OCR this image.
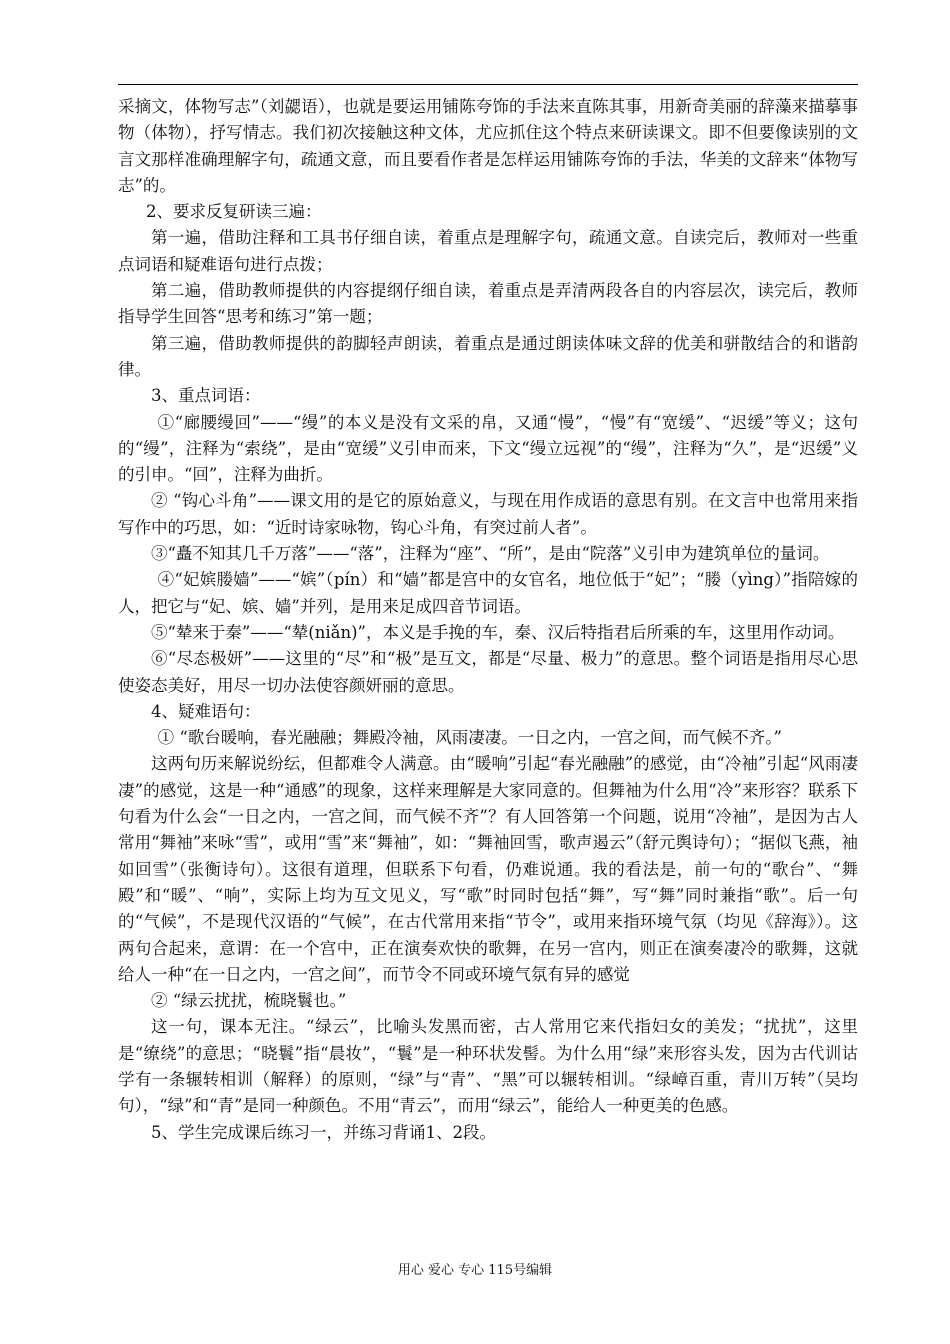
采摘文，体物写志”（刘勰语），也就是要运用铺陈夸饰的手法来直陈其事，用新奇美丽的辞藻来描摹事物（体物），抒写情志。我们初次接触这种文体，尤应抓住这个特点来研读课文。即不但要像读别的文言文那样准确理解字句，疏通文意，而且要看作者是怎样运用铺陈夸饰的手法，华美的文辞来“体物写志”的。

2、要求反复研读三遍：

第一遍，借助注释和工具书仔细自读，着重点是理解字句，疏通文意。自读完后，教师对一些重点词语和疑难语句进行点拨；

第二遍，借助教师提供的内容提纲仔细自读，着重点是弄清两段各自的内容层次，读完后，教师指导学生回答“思考和练习”第一题；

第三遍，借助教师提供的韵脚轻声朗读，着重点是通过朗读体味文辞的优美和骈散结合的和谐韵律。

3、重点词语：

①“廊腰缦回”——“缦”的本义是没有文采的帛，又通“慢”，“慢”有“宽缓”、“迟缓”等义；这句的“缦”，注释为“索绕”，是由“宽缓”义引申而来，下文“缦立远视”的“缦”，注释为“久”，是“迟缓”义的引申。“回”，注释为曲折。

② “钩心斗角”——课文用的是它的原始意义，与现在用作成语的意思有别。在文言中也常用来指写作中的巧思，如：“近时诗家咏物，钩心斗角，有突过前人者”。

③“矗不知其几千万落”——“落”，注释为“座”、“所”，是由“院落”义引申为建筑单位的量词。

④“妃嫔媵嫱”——“嫔”（pín）和“嫱”都是宫中的女官名，地位低于“妃”；“媵（yìng）”指陪嫁的人，把它与“妃、嫔、嫱”并列，是用来足成四音节词语。

⑤“辇来于秦”——“辇(niǎn)”，本义是手挽的车，秦、汉后特指君后所乘的车，这里用作动词。

⑥“尽态极妍”——这里的“尽”和“极”是互文，都是“尽量、极力”的意思。整个词语是指用尽心思使姿态美好，用尽一切办法使容颜妍丽的意思。

4、疑难语句：

① “歌台暖响，春光融融；舞殿冷袖，风雨凄凄。一日之内，一宫之间，而气候不齐。”

这两句历来解说纷纭，但都难令人满意。由“暖响”引起“春光融融”的感觉，由“冷袖”引起“风雨凄凄”的感觉，这是一种“通感”的现象，这样来理解是大家同意的。但舞袖为什么用“冷”来形容？联系下句看为什么会“一日之内，一宫之间，而气候不齐”？有人回答第一个问题，说用“冷袖”，是因为古人常用“舞袖”来咏“雪”，或用“雪”来“舞袖”，如：“舞袖回雪，歌声遏云”（舒元舆诗句）；“据似飞燕，袖如回雪”（张衡诗句）。这很有道理，但联系下句看，仍难说通。我的看法是，前一句的“歌台”、“舞殿”和“暖”、“响”，实际上均为互文见义，写“歌”时同时包括“舞”，写“舞”同时兼指“歌”。后一句的“气候”，不是现代汉语的“气候”，在古代常用来指“节令”，或用来指环境气氛（均见《辞海》）。这两句合起来，意谓：在一个宫中，正在演奏欢快的歌舞，在另一宫内，则正在演奏凄冷的歌舞，这就给人一种“在一日之内，一宫之间”，而节令不同或环境气氛有异的感觉

② “绿云扰扰，梳晓鬟也。”

这一句，课本无注。“绿云”，比喻头发黑而密，古人常用它来代指妇女的美发；“扰扰”，这里是“缭绕”的意思；“晓鬟”指“晨妆”，“鬟”是一种环状发髻。为什么用“绿”来形容头发，因为古代训诂学有一条辗转相训（解释）的原则，“绿”与“青”、“黑”可以辗转相训。“绿嶂百重，青川万转”（吴均句），“绿”和“青”是同一种颜色。不用“青云”，而用“绿云”，能给人一种更美的色感。

5、学生完成课后练习一，并练习背诵1、2段。

用心 爱心 专心 115号编辑
